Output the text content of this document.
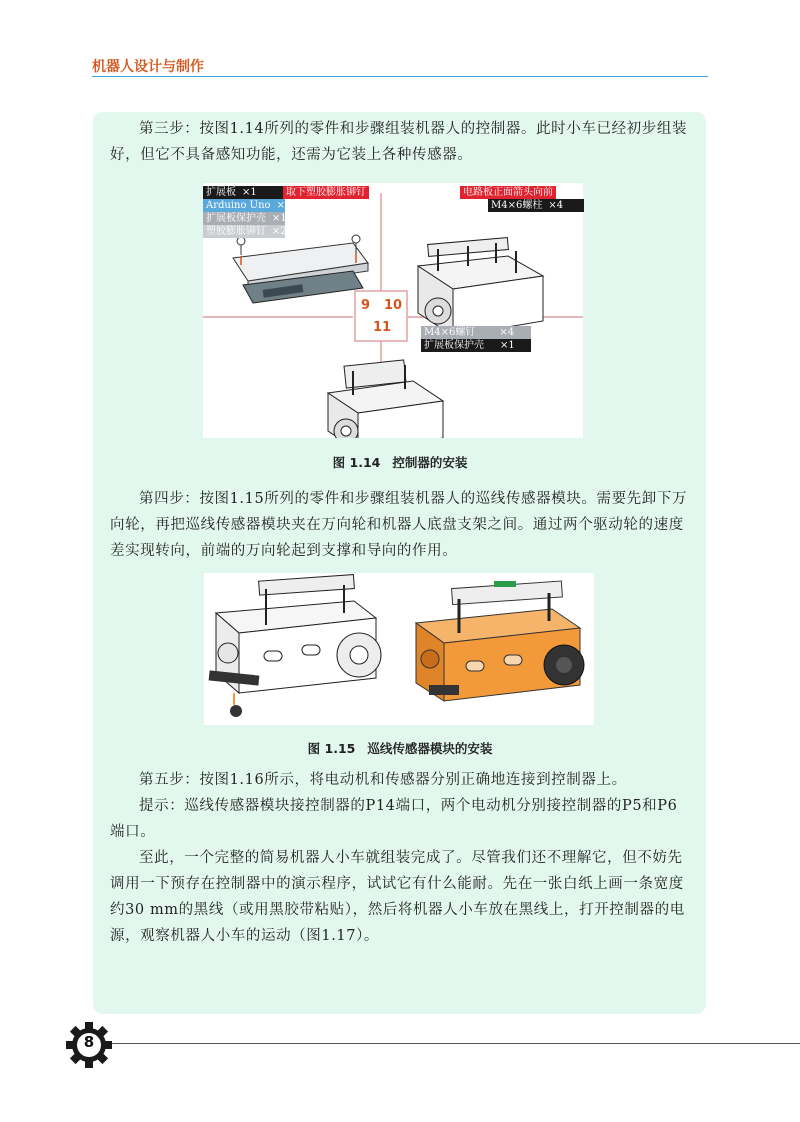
机器人设计与制作

第三步：按图1.14所列的零件和步骤组装机器人的控制器。此时小车已经初步组装好，但它不具备感知功能，还需为它装上各种传感器。

9 10
11
扩展板 ×1
Arduino Uno ×1
扩展板保护壳 ×1
塑胶膨胀铆钉 ×2
取下塑胶膨胀铆钉	电路板正面箭头向前
M4×6螺柱 ×4
M4×6螺钉 ×4
扩展板保护壳 ×1
图 1.14 控制器的安装

第四步：按图1.15所列的零件和步骤组装机器人的巡线传感器模块。需要先卸下万向轮，再把巡线传感器模块夹在万向轮和机器人底盘支架之间。通过两个驱动轮的速度差实现转向，前端的万向轮起到支撑和导向的作用。

图 1.15 巡线传感器模块的安装

第五步：按图1.16所示，将电动机和传感器分别正确地连接到控制器上。

提示：巡线传感器模块接控制器的P14端口，两个电动机分别接控制器的P5和P6端口。

至此，一个完整的简易机器人小车就组装完成了。尽管我们还不理解它，但不妨先调用一下预存在控制器中的演示程序，试试它有什么能耐。先在一张白纸上画一条宽度约30 mm的黑线（或用黑胶带粘贴），然后将机器人小车放在黑线上，打开控制器的电源，观察机器人小车的运动（图1.17）。

8
